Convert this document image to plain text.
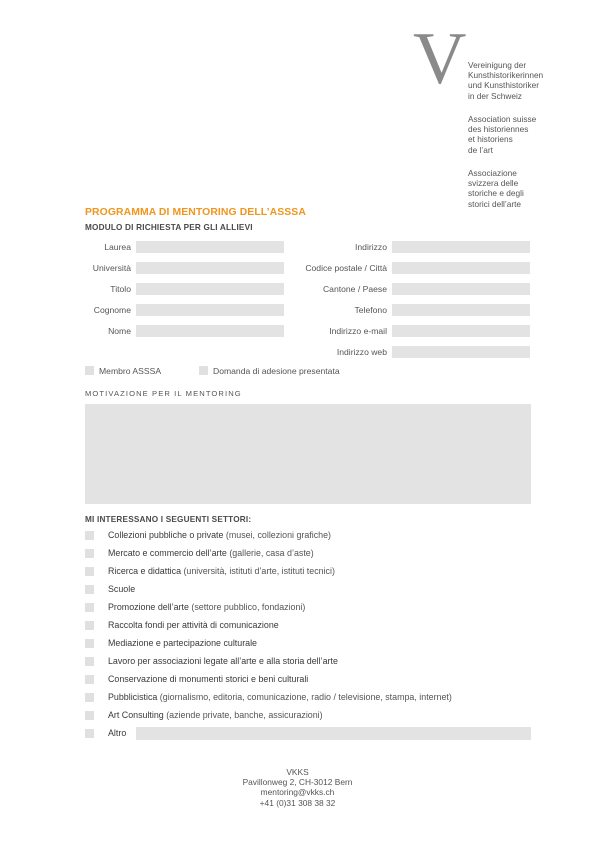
V Vereinigung der
Kunsthistorikerinnen
und Kunsthistoriker
in der Schweiz
Association suisse
des historiennes
et historiens
de l’art
Associazione
svizzera delle
storiche e degli
storici dell’arte
PROGRAMMA DI MENTORING DELL’ASSSA
MODULO DI RICHIESTA PER GLI ALLIEVI
Laurea
Università
Titolo
Cognome
Nome
Indirizzo
Codice postale / Città
Cantone / Paese
Telefono
Indirizzo e-mail
Indirizzo web
Membro ASSSA	Domanda di adesione presentata
MOTIVAZIONE PER IL MENTORING
MI INTERESSANO I SEGUENTI SETTORI:
Collezioni pubbliche o private (musei, collezioni grafiche)
Mercato e commercio dell’arte (gallerie, casa d’aste)
Ricerca e didattica (università, istituti d’arte, istituti tecnici)
Scuole
Promozione dell’arte (settore pubblico, fondazioni)
Raccolta fondi per attività di comunicazione
Mediazione e partecipazione culturale
Lavoro per associazioni legate all’arte e alla storia dell’arte
Conservazione di monumenti storici e beni culturali
Pubblicistica (giornalismo, editoria, comunicazione, radio / televisione, stampa, internet)
Art Consulting (aziende private, banche, assicurazioni)
Altro
VKKS
Pavillonweg 2, CH-3012 Bern
mentoring@vkks.ch
+41 (0)31 308 38 32
